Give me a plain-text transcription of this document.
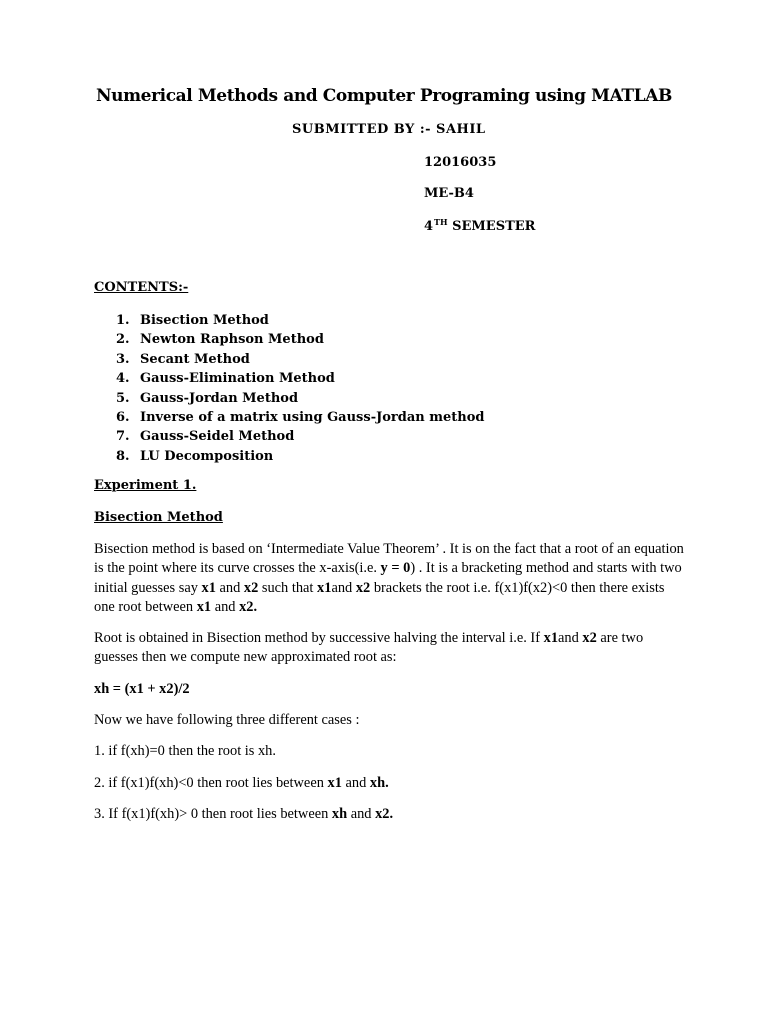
Numerical Methods and Computer Programing using MATLAB
SUBMITTED BY :- SAHIL
12016035
ME-B4
4TH SEMESTER
CONTENTS:-
1. Bisection Method
2. Newton Raphson Method
3. Secant Method
4. Gauss-Elimination Method
5. Gauss-Jordan Method
6. Inverse of a matrix using Gauss-Jordan method
7. Gauss-Seidel Method
8. LU Decomposition
Experiment 1.
Bisection Method
Bisection method is based on ‘Intermediate Value Theorem’ . It is on the fact that a root of an equation is the point where its curve crosses the x-axis(i.e. y = 0) . It is a bracketing method and starts with two initial guesses say x1 and x2 such that x1and x2 brackets the root i.e. f(x1)f(x2)<0 then there exists one root between x1 and x2.
Root is obtained in Bisection method by successive halving the interval i.e. If x1and x2 are two guesses then we compute new approximated root as:
xh = (x1 + x2)/2
Now we have following three different cases :
1. if f(xh)=0 then the root is xh.
2. if f(x1)f(xh)<0 then root lies between x1 and xh.
3. If f(x1)f(xh)> 0 then root lies between xh and x2.
